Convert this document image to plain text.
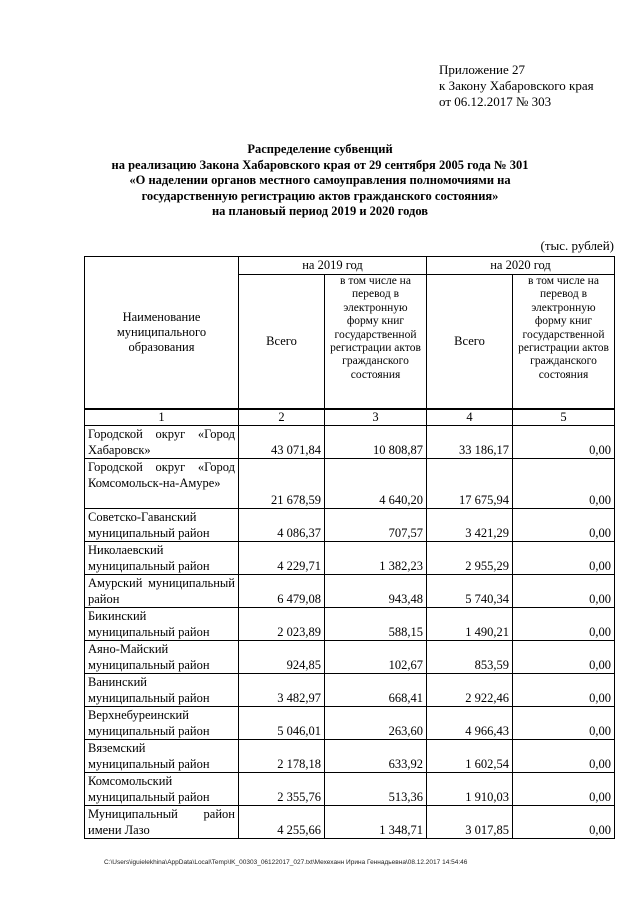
Приложение 27
к Закону Хабаровского края
от 06.12.2017 № 303
Распределение субвенций
на реализацию Закона Хабаровского края от 29 сентября 2005 года № 301
«О наделении органов местного самоуправления полномочиями на
государственную регистрацию актов гражданского состояния»
на плановый период 2019 и 2020 годов
(тыс. рублей)
Наименование муниципального образования	на 2019 год		на 2020 год	
	Всего	в том числе на перевод в электронную форму книг государственной регистрации актов гражданского состояния	Всего	в том числе на перевод в электронную форму книг государственной регистрации актов гражданского состояния
1	2	3	4	5
Городской округ «Город Хабаровск»	43 071,84	10 808,87	33 186,17	0,00
Городской округ «Город Комсомольск-на-Амуре»	21 678,59	4 640,20	17 675,94	0,00
Советско-Гаванский муниципальный район	4 086,37	707,57	3 421,29	0,00
Николаевский муниципальный район	4 229,71	1 382,23	2 955,29	0,00
Амурский муниципальный район	6 479,08	943,48	5 740,34	0,00
Бикинский муниципальный район	2 023,89	588,15	1 490,21	0,00
Аяно-Майский муниципальный район	924,85	102,67	853,59	0,00
Ванинский муниципальный район	3 482,97	668,41	2 922,46	0,00
Верхнебуреинский муниципальный район	5 046,01	263,60	4 966,43	0,00
Вяземский муниципальный район	2 178,18	633,92	1 602,54	0,00
Комсомольский муниципальный район	2 355,76	513,36	1 910,03	0,00
Муниципальный район имени Лазо	4 255,66	1 348,71	3 017,85	0,00
C:\Users\iguielekhina\AppData\Local\Temp\IK_00303_06122017_027.txt\Мехеханн Ирина Геннадьевна\08.12.2017 14:54:46
